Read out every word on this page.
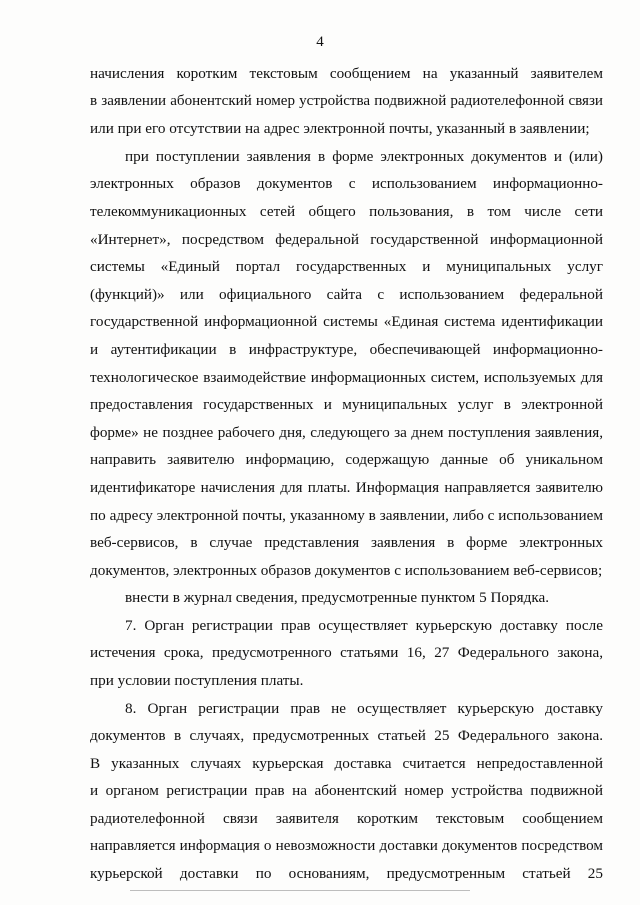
4
начисления коротким текстовым сообщением на указанный заявителем
в заявлении абонентский номер устройства подвижной радиотелефонной связи
или при его отсутствии на адрес электронной почты, указанный в заявлении;
при поступлении заявления в форме электронных документов и (или)
электронных образов документов с использованием информационно-
телекоммуникационных сетей общего пользования, в том числе сети
«Интернет», посредством федеральной государственной информационной
системы «Единый портал государственных и муниципальных услуг
(функций)» или официального сайта с использованием федеральной
государственной информационной системы «Единая система идентификации
и аутентификации в инфраструктуре, обеспечивающей информационно-
технологическое взаимодействие информационных систем, используемых для
предоставления государственных и муниципальных услуг в электронной
форме» не позднее рабочего дня, следующего за днем поступления заявления,
направить заявителю информацию, содержащую данные об уникальном
идентификаторе начисления для платы. Информация направляется заявителю
по адресу электронной почты, указанному в заявлении, либо с использованием
веб-сервисов, в случае представления заявления в форме электронных
документов, электронных образов документов с использованием веб-сервисов;
внести в журнал сведения, предусмотренные пунктом 5 Порядка.
7. Орган регистрации прав осуществляет курьерскую доставку после
истечения срока, предусмотренного статьями 16, 27 Федерального закона,
при условии поступления платы.
8. Орган регистрации прав не осуществляет курьерскую доставку
документов в случаях, предусмотренных статьей 25 Федерального закона.
В указанных случаях курьерская доставка считается непредоставленной
и органом регистрации прав на абонентский номер устройства подвижной
радиотелефонной связи заявителя коротким текстовым сообщением
направляется информация о невозможности доставки документов посредством
курьерской доставки по основаниям, предусмотренным статьей 25
